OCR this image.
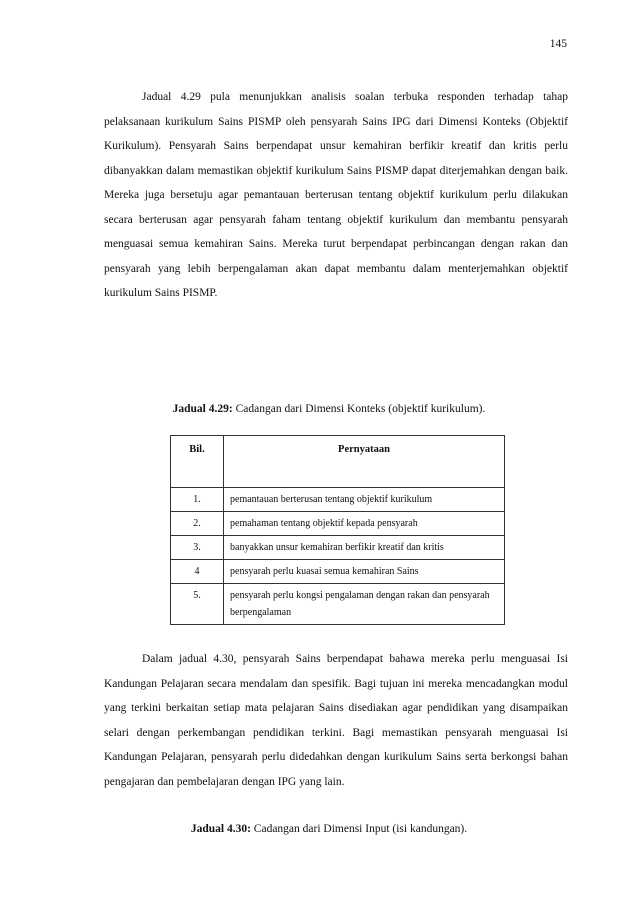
145

Jadual 4.29 pula menunjukkan analisis soalan terbuka responden terhadap tahap pelaksanaan kurikulum Sains PISMP oleh pensyarah Sains IPG dari Dimensi Konteks (Objektif Kurikulum). Pensyarah Sains berpendapat unsur kemahiran berfikir kreatif dan kritis perlu dibanyakkan dalam memastikan objektif kurikulum Sains PISMP dapat diterjemahkan dengan baik. Mereka juga bersetuju agar pemantauan berterusan tentang objektif kurikulum perlu dilakukan secara berterusan agar pensyarah faham tentang objektif kurikulum dan membantu pensyarah menguasai semua kemahiran Sains. Mereka turut berpendapat perbincangan dengan rakan dan pensyarah yang lebih berpengalaman akan dapat membantu dalam menterjemahkan objektif kurikulum Sains PISMP.

Jadual 4.29: Cadangan dari Dimensi Konteks (objektif kurikulum).

Bil.	Pernyataan
1.	pemantauan berterusan tentang objektif kurikulum
2.	pemahaman tentang objektif kepada pensyarah
3.	banyakkan unsur kemahiran berfikir kreatif dan kritis
4	pensyarah perlu kuasai semua kemahiran Sains
5.	pensyarah perlu kongsi pengalaman dengan rakan dan pensyarah berpengalaman

Dalam jadual 4.30, pensyarah Sains berpendapat bahawa mereka perlu menguasai Isi Kandungan Pelajaran secara mendalam dan spesifik. Bagi tujuan ini mereka mencadangkan modul yang terkini berkaitan setiap mata pelajaran Sains disediakan agar pendidikan yang disampaikan selari dengan perkembangan pendidikan terkini. Bagi memastikan pensyarah menguasai Isi Kandungan Pelajaran, pensyarah perlu didedahkan dengan kurikulum Sains serta berkongsi bahan pengajaran dan pembelajaran dengan IPG yang lain.

Jadual 4.30: Cadangan dari Dimensi Input (isi kandungan).
